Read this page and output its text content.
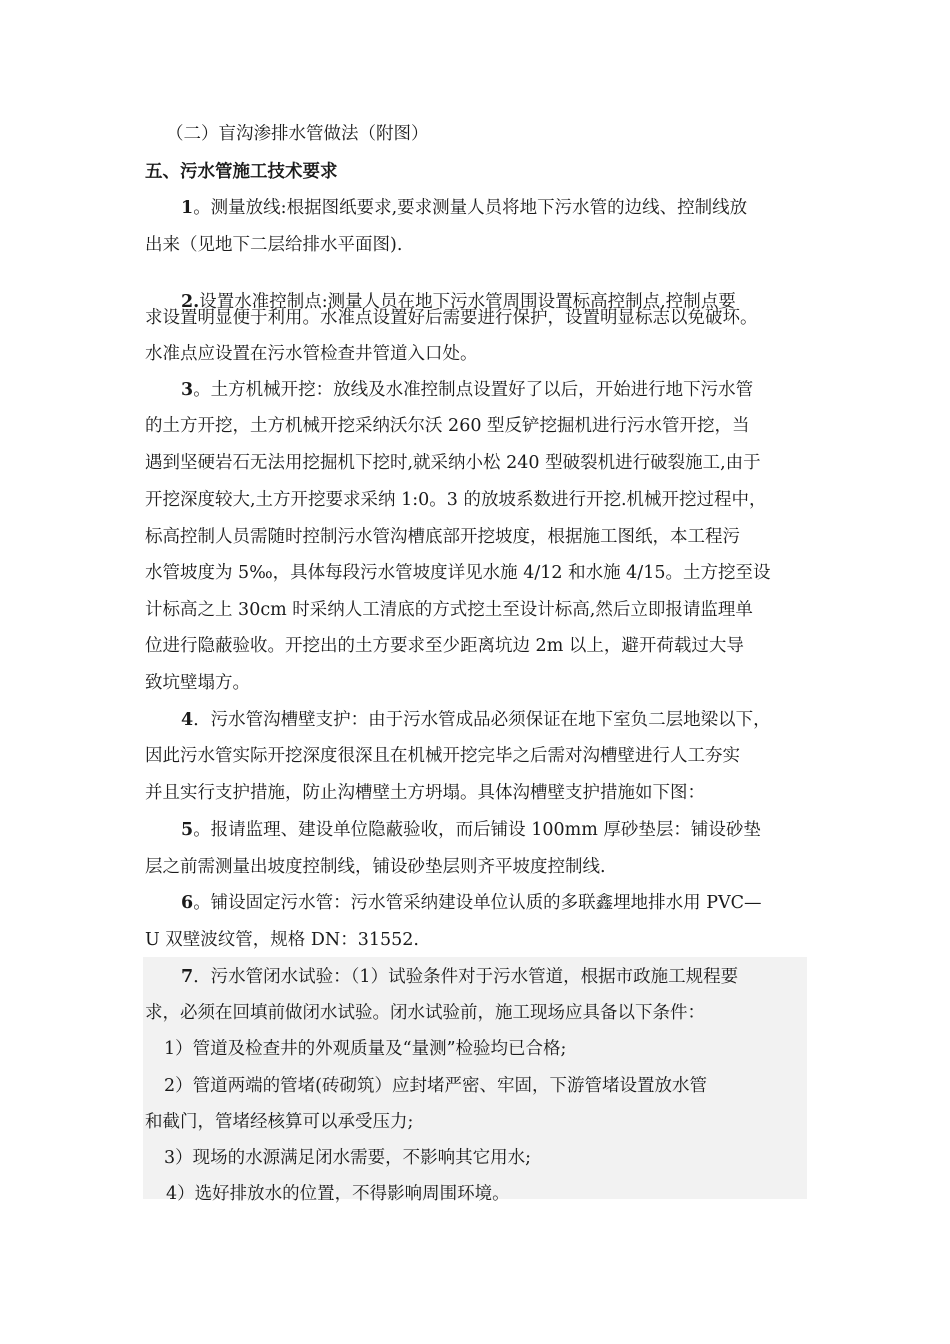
（二）盲沟渗排水管做法（附图）
五、污水管施工技术要求
1。测量放线:根据图纸要求,要求测量人员将地下污水管的边线、控制线放
出来（见地下二层给排水平面图).
2.设置水准控制点:测量人员在地下污水管周围设置标高控制点,控制点要
求设置明显便于利用。水准点设置好后需要进行保护，设置明显标志以免破坏。
水准点应设置在污水管检查井管道入口处。
3。土方机械开挖：放线及水准控制点设置好了以后，开始进行地下污水管
的土方开挖，土方机械开挖采纳沃尔沃 260 型反铲挖掘机进行污水管开挖，当
遇到坚硬岩石无法用挖掘机下挖时,就采纳小松 240 型破裂机进行破裂施工,由于
开挖深度较大,土方开挖要求采纳 1:0。3 的放坡系数进行开挖.机械开挖过程中，
标高控制人员需随时控制污水管沟槽底部开挖坡度，根据施工图纸，本工程污
水管坡度为 5‰，具体每段污水管坡度详见水施 4/12 和水施 4/15。土方挖至设
计标高之上 30cm 时采纳人工清底的方式挖土至设计标高,然后立即报请监理单
位进行隐蔽验收。开挖出的土方要求至少距离坑边 2m 以上，避开荷载过大导
致坑壁塌方。
4．污水管沟槽壁支护：由于污水管成品必须保证在地下室负二层地梁以下，
因此污水管实际开挖深度很深且在机械开挖完毕之后需对沟槽壁进行人工夯实
并且实行支护措施，防止沟槽壁土方坍塌。具体沟槽壁支护措施如下图：
5。报请监理、建设单位隐蔽验收，而后铺设 100mm 厚砂垫层：铺设砂垫
层之前需测量出坡度控制线，铺设砂垫层则齐平坡度控制线.
6。铺设固定污水管：污水管采纳建设单位认质的多联鑫埋地排水用 PVC—
U 双壁波纹管，规格 DN：31552.
7．污水管闭水试验：（1）试验条件对于污水管道，根据市政施工规程要
求，必须在回填前做闭水试验。闭水试验前，施工现场应具备以下条件：
1）管道及检查井的外观质量及“量测”检验均已合格;
2）管道两端的管堵(砖砌筑）应封堵严密、牢固，下游管堵设置放水管
和截门，管堵经核算可以承受压力;
3）现场的水源满足闭水需要，不影响其它用水;
4）选好排放水的位置，不得影响周围环境。
